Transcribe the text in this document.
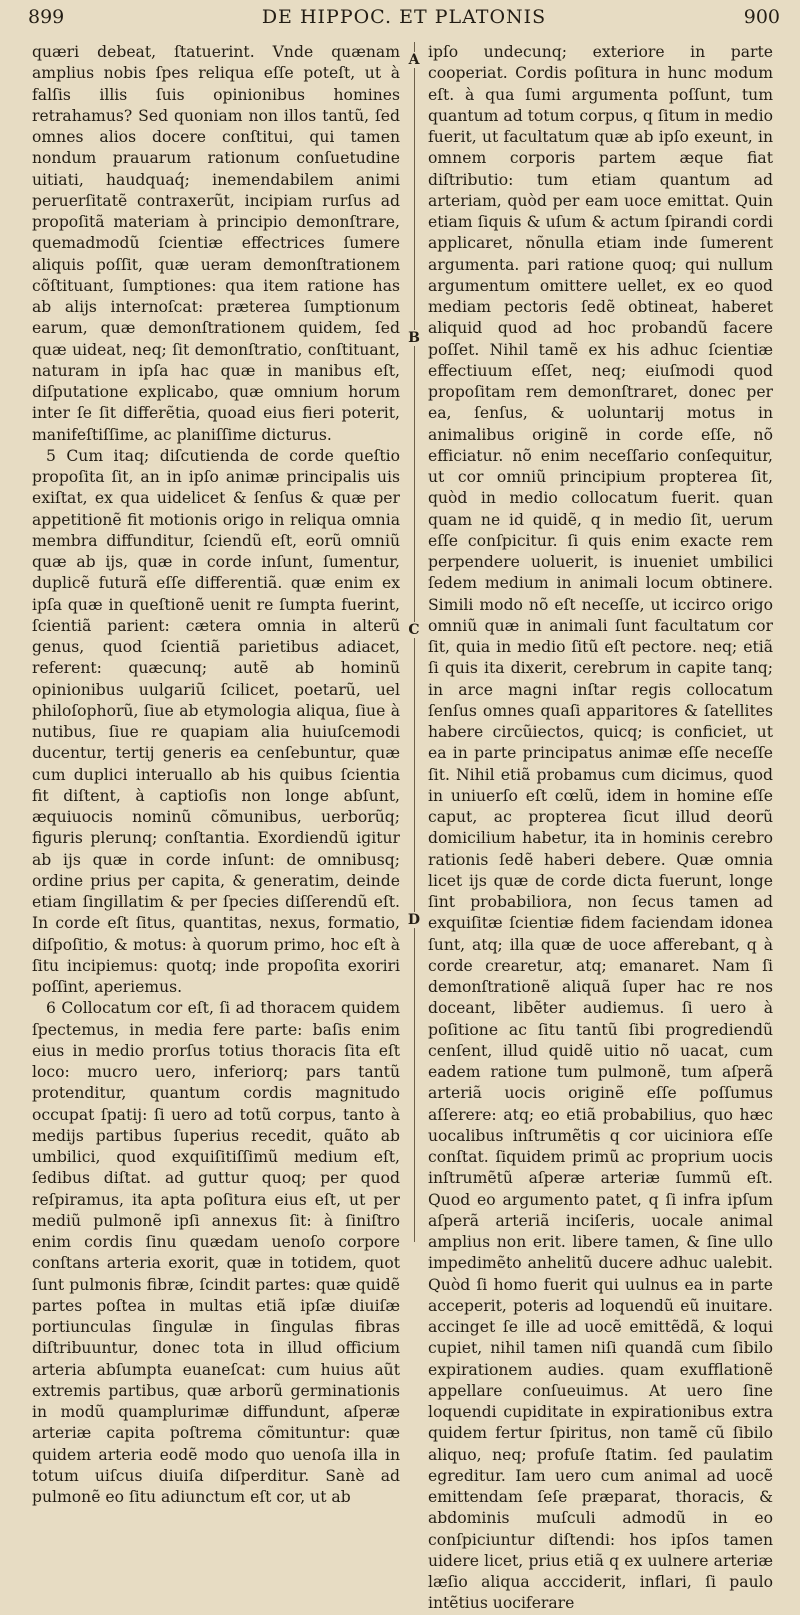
899	DE HIPPOC. ET PLATONIS	900
A
B
C
D

quæri debeat, ſtatuerint. Vnde quænam amplius nobis ſpes reliqua eſſe poteſt, ut à falſis illis ſuis opinionibus homines retrahamus? Sed quoniam non illos tantũ, ſed omnes alios docere conſtitui, qui tamen nondum prauarum rationum conſuetudine uitiati, haudquaq́; inemendabilem animi peruerſitatẽ contraxerũt, incipiam rurſus ad propoſitã materiam à principio demonſtrare, quemadmodũ ſcientiæ effectrices ſumere aliquis poſſit, quæ ueram demonſtrationem cõſtituant, ſumptiones: qua item ratione has ab alijs internoſcat: præterea ſumptionum earum, quæ demonſtrationem quidem, ſed quæ uideat, neq; ſit demonſtratio, conſtituant, naturam in ipſa hac quæ in manibus eſt, diſputatione explicabo, quæ omnium horum inter ſe ſit differẽtia, quoad eius fieri poterit, manifeſtiſſime, ac planiſſime dicturus.

5 Cum itaq; diſcutienda de corde queſtio propoſita ſit, an in ipſo animæ principalis uis exiſtat, ex qua uidelicet & ſenſus & quæ per appetitionẽ fit motionis origo in reliqua omnia membra diffunditur, ſciendũ eſt, eorũ omniũ quæ ab ijs, quæ in corde inſunt, ſumentur, duplicẽ futurã eſſe differentiã. quæ enim ex ipſa quæ in queſtionẽ uenit re ſumpta fuerint, ſcientiã parient: cætera omnia in alterũ genus, quod ſcientiã parietibus adiacet, referent: quæcunq; autẽ ab hominũ opinionibus uulgariũ ſcilicet, poetarũ, uel philoſophorũ, ſiue ab etymologia aliqua, ſiue à nutibus, ſiue re quapiam alia huiuſcemodi ducentur, tertij generis ea cenſebuntur, quæ cum duplici interuallo ab his quibus ſcientia fit diſtent, à captioſis non longe abſunt, æquiuocis nominũ cõmunibus, uerborũq; figuris plerunq; conſtantia. Exordiendũ igitur ab ijs quæ in corde inſunt: de omnibusq; ordine prius per capita, & generatim, deinde etiam ſingillatim & per ſpecies diſſerendũ eſt. In corde eſt ſitus, quantitas, nexus, formatio, diſpoſitio, & motus: à quorum primo, hoc eſt à ſitu incipiemus: quotq; inde propoſita exoriri poſſint, aperiemus.

6 Collocatum cor eſt, ſi ad thoracem quidem ſpectemus, in media fere parte: baſis enim eius in medio prorſus totius thoracis ſita eſt loco: mucro uero, inferiorq; pars tantũ protenditur, quantum cordis magnitudo occupat ſpatij: ſi uero ad totũ corpus, tanto à medijs partibus ſuperius recedit, quãto ab umbilici, quod exquiſitiſſimũ medium eſt, ſedibus diſtat. ad guttur quoq; per quod reſpiramus, ita apta poſitura eius eſt, ut per mediũ pulmonẽ ipſi annexus ſit: à ſiniſtro enim cordis ſinu quædam uenoſo corpore conſtans arteria exorit, quæ in totidem, quot ſunt pulmonis fibræ, ſcindit partes: quæ quidẽ partes poſtea in multas etiã ipſæ diuiſæ portiunculas ſingulæ in ſingulas fibras diſtribuuntur, donec tota in illud officium arteria abſumpta euaneſcat: cum huius aũt extremis partibus, quæ arborũ germinationis in modũ quamplurimæ diffundunt, aſperæ arteriæ capita poſtrema cõmituntur: quæ quidem arteria eodẽ modo quo uenoſa illa in totum uiſcus diuiſa diſperditur. Sanè ad pulmonẽ eo ſitu adiunctum eſt cor, ut ab

ipſo undecunq; exteriore in parte cooperiat. Cordis poſitura in hunc modum eſt. à qua ſumi argumenta poſſunt, tum quantum ad totum corpus, q ſitum in medio fuerit, ut facultatum quæ ab ipſo exeunt, in omnem corporis partem æque fiat diſtributio: tum etiam quantum ad arteriam, quòd per eam uoce emittat. Quin etiam ſiquis & uſum & actum ſpirandi cordi applicaret, nõnulla etiam inde ſumerent argumenta. pari ratione quoq; qui nullum argumentum omittere uellet, ex eo quod mediam pectoris ſedẽ obtineat, haberet aliquid quod ad hoc probandũ facere poſſet. Nihil tamẽ ex his adhuc ſcientiæ effectiuum eſſet, neq; eiuſmodi quod propoſitam rem demonſtraret, donec per ea, ſenſus, & uoluntarij motus in animalibus originẽ in corde eſſe, nõ efficiatur. nõ enim neceſſario conſequitur, ut cor omniũ principium propterea ſit, quòd in medio collocatum fuerit. quan quam ne id quidẽ, q in medio ſit, uerum eſſe conſpicitur. ſi quis enim exacte rem perpendere uoluerit, is inueniet umbilici ſedem medium in animali locum obtinere. Simili modo nõ eſt neceſſe, ut iccirco origo omniũ quæ in animali ſunt facultatum cor ſit, quia in medio ſitũ eſt pectore. neq; etiã ſi quis ita dixerit, cerebrum in capite tanq; in arce magni inſtar regis collocatum ſenſus omnes quaſi apparitores & ſatellites habere circũiectos, quicq; is conficiet, ut ea in parte principatus animæ eſſe neceſſe ſit. Nihil etiã probamus cum dicimus, quod in uniuerſo eſt cœlũ, idem in homine eſſe caput, ac propterea ſicut illud deorũ domicilium habetur, ita in hominis cerebro rationis ſedẽ haberi debere. Quæ omnia licet ijs quæ de corde dicta fuerunt, longe ſint probabiliora, non ſecus tamen ad exquiſitæ ſcientiæ fidem faciendam idonea ſunt, atq; illa quæ de uoce afferebant, q à corde crearetur, atq; emanaret. Nam ſi demonſtrationẽ aliquã ſuper hac re nos doceant, libẽter audiemus. ſi uero à poſitione ac ſitu tantũ ſibi progrediendũ cenſent, illud quidẽ uitio nõ uacat, cum eadem ratione tum pulmonẽ, tum aſperã arteriã uocis originẽ eſſe poſſumus aſſerere: atq; eo etiã probabilius, quo hæc uocalibus inſtrumẽtis q cor uiciniora eſſe conſtat. ſiquidem primũ ac proprium uocis inſtrumẽtũ aſperæ arteriæ ſummũ eſt. Quod eo argumento patet, q ſi infra ipſum aſperã arteriã inciſeris, uocale animal amplius non erit. libere tamen, & ſine ullo impedimẽto anhelitũ ducere adhuc ualebit. Quòd ſi homo fuerit qui uulnus ea in parte acceperit, poteris ad loquendũ eũ inuitare. accinget ſe ille ad uocẽ emittẽdã, & loqui cupiet, nihil tamen niſi quandã cum ſibilo expirationem audies. quam exufflationẽ appellare conſueuimus. At uero ſine loquendi cupiditate in expirationibus extra quidem fertur ſpiritus, non tamẽ cũ ſibilo aliquo, neq; profuſe ſtatim. ſed paulatim egreditur. Iam uero cum animal ad uocẽ emittendam ſeſe præparat, thoracis, & abdominis muſculi admodũ in eo conſpiciuntur diſtendi: hos ipſos tamen uidere licet, prius etiã q ex uulnere arteriæ læſio aliqua accciderit, inflari, ſi paulo intẽtius uociferare
